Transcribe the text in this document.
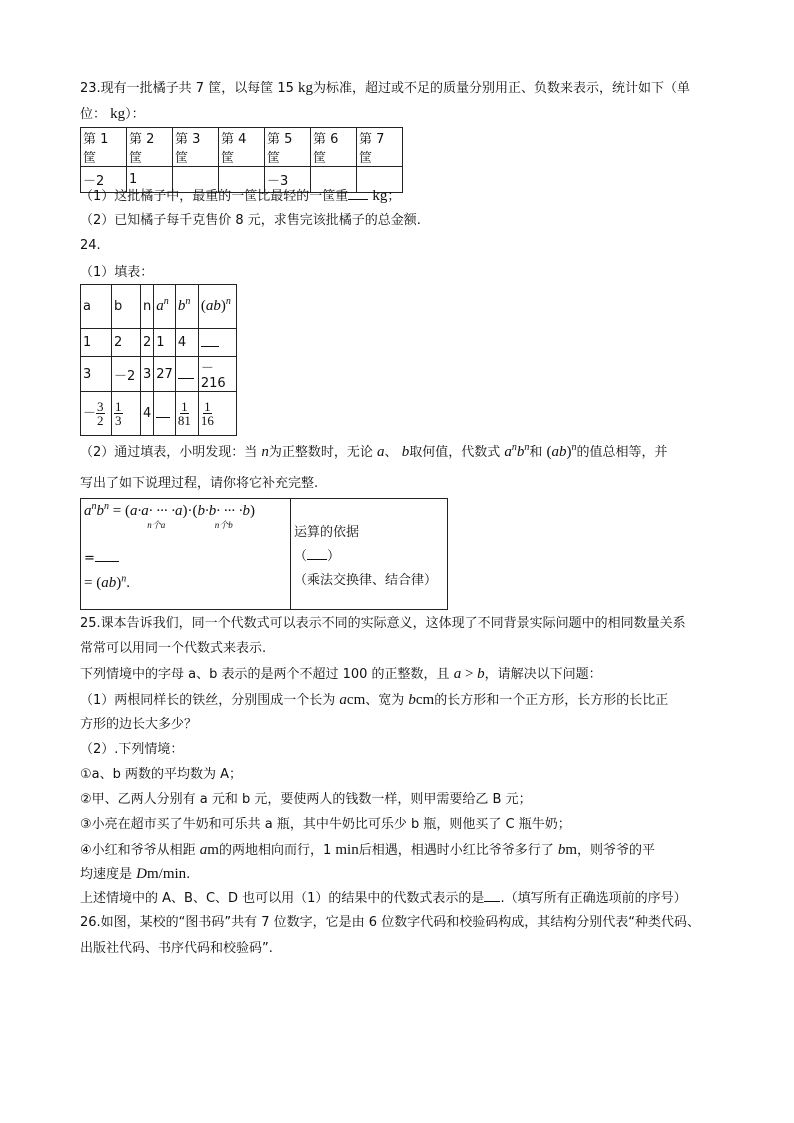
23.现有一批橘子共 7 筐，以每筐 15 kg为标准，超过或不足的质量分别用正、负数来表示，统计如下（单
位： kg）：
第 1 筐	第 2 筐	第 3 筐	第 4 筐	第 5 筐	第 6 筐	第 7 筐
－2	1			－3		
（1）这批橘子中，最重的一筐比最轻的一筐重 kg；
（2）已知橘子每千克售价 8 元，求售完该批橘子的总金额.
24.
（1）填表：
a	b	n	$a^n$	$b^n$	(ab)$^n$
1	2	2	1	4	
3	－2	3	27		－216
－ $\frac{3}{2}$	$\frac{1}{3}$	4		$\frac{1}{81}$	$\frac{1}{16}$
（2）通过填表，小明发现：当 n为正整数时，无论 a、 b取何值，代数式 $a^nb^n$和 (ab)$^n$的值总相等，并
写出了如下说理过程，请你将它补充完整.
$a^nb^n$ = ( a·a· ··· ·a
n个a
)·( b·b· ··· ·b
n个b
)
=
= (ab)$^n$.
运算的依据
（ ）
（乘法交换律、结合律）
25.课本告诉我们，同一个代数式可以表示不同的实际意义，这体现了不同背景实际问题中的相同数量关系
常常可以用同一个代数式来表示.
下列情境中的字母 a、b 表示的是两个不超过 100 的正整数，且 a > b，请解决以下问题：
（1）两根同样长的铁丝，分别围成一个长为 acm、宽为 bcm的长方形和一个正方形，长方形的长比正
方形的边长大多少？
（2）.下列情境：
①a、b 两数的平均数为 A；
②甲、乙两人分别有 a 元和 b 元，要使两人的钱数一样，则甲需要给乙 B 元；
③小亮在超市买了牛奶和可乐共 a 瓶，其中牛奶比可乐少 b 瓶，则他买了 C 瓶牛奶；
④小红和爷爷从相距 am的两地相向而行，1 min后相遇，相遇时小红比爷爷多行了 bm，则爷爷的平
均速度是 Dm/min.
上述情境中的 A、B、C、D 也可以用（1）的结果中的代数式表示的是 .（填写所有正确选项前的序号）
26.如图，某校的“图书码”共有 7 位数字，它是由 6 位数字代码和校验码构成，其结构分别代表“种类代码、
出版社代码、书序代码和校验码”.
